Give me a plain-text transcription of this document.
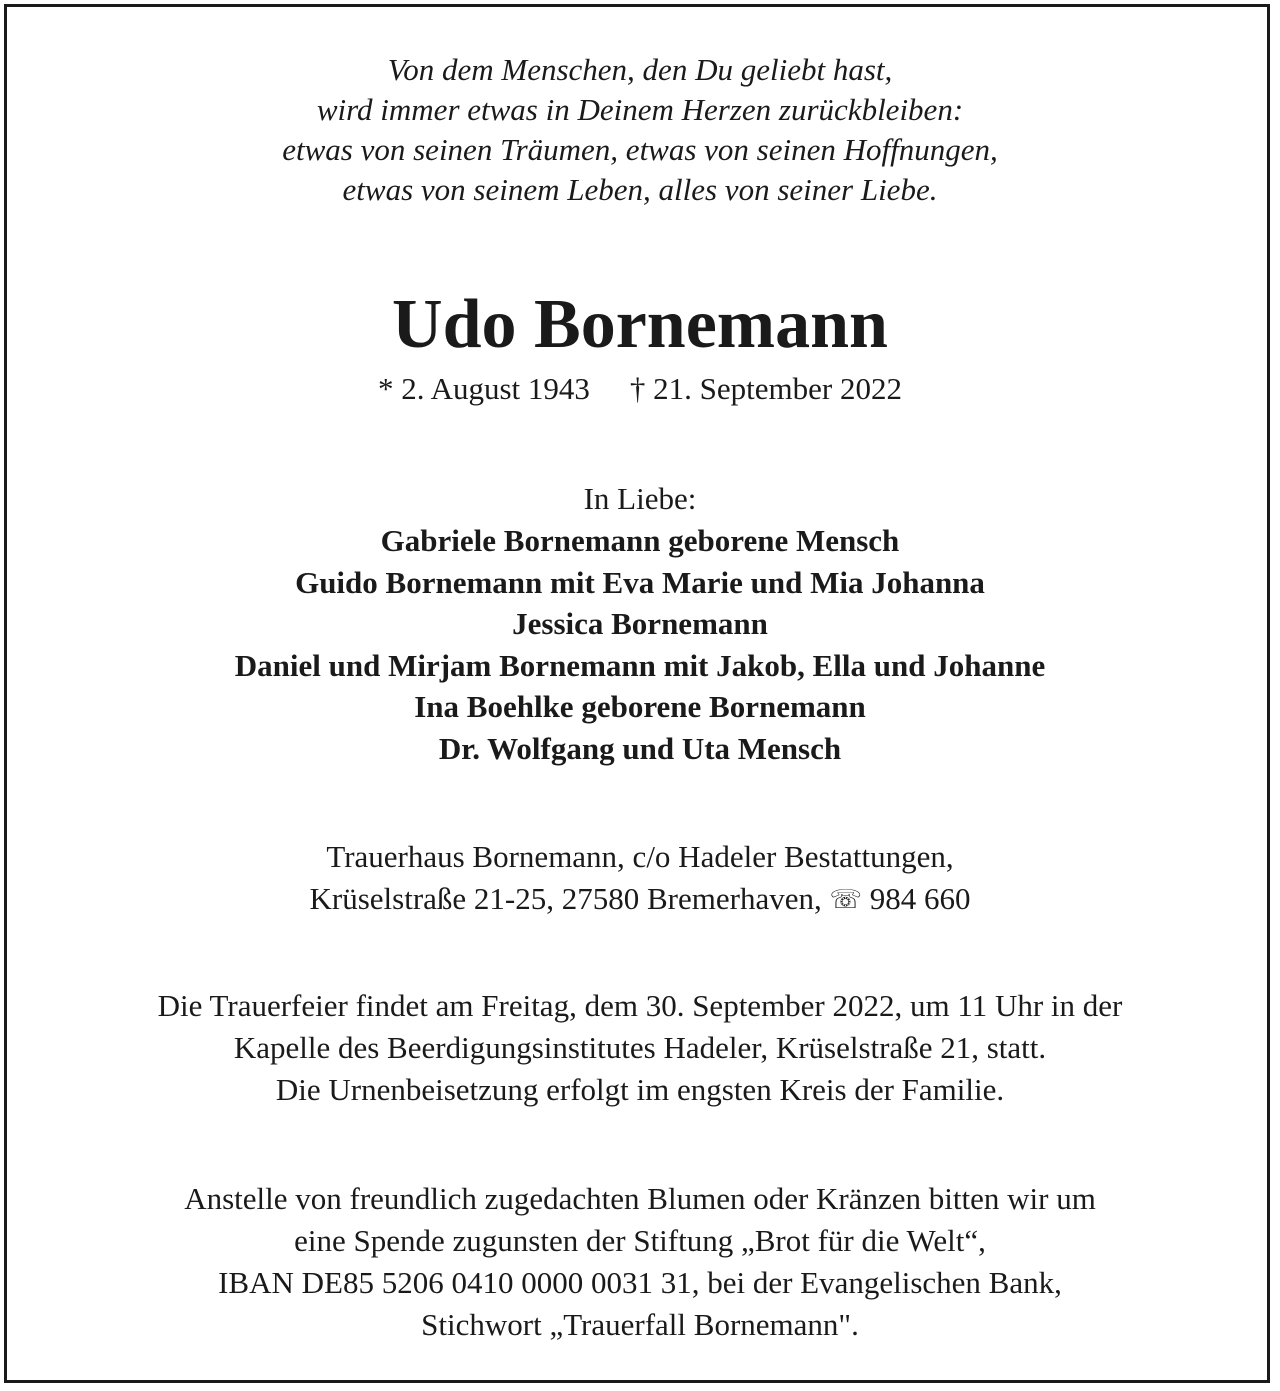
Von dem Menschen, den Du geliebt hast,
wird immer etwas in Deinem Herzen zurückbleiben:
etwas von seinen Träumen, etwas von seinen Hoffnungen,
etwas von seinem Leben, alles von seiner Liebe.
Udo Bornemann
* 2. August 1943 † 21. September 2022
In Liebe:
Gabriele Bornemann geborene Mensch
Guido Bornemann mit Eva Marie und Mia Johanna
Jessica Bornemann
Daniel und Mirjam Bornemann mit Jakob, Ella und Johanne
Ina Boehlke geborene Bornemann
Dr. Wolfgang und Uta Mensch
Trauerhaus Bornemann, c/o Hadeler Bestattungen,
Krüselstraße 21-25, 27580 Bremerhaven, ☏ 984 660
Die Trauerfeier findet am Freitag, dem 30. September 2022, um 11 Uhr in der
Kapelle des Beerdigungsinstitutes Hadeler, Krüselstraße 21, statt.
Die Urnenbeisetzung erfolgt im engsten Kreis der Familie.
Anstelle von freundlich zugedachten Blumen oder Kränzen bitten wir um
eine Spende zugunsten der Stiftung „Brot für die Welt“,
IBAN DE85 5206 0410 0000 0031 31, bei der Evangelischen Bank,
Stichwort „Trauerfall Bornemann".
